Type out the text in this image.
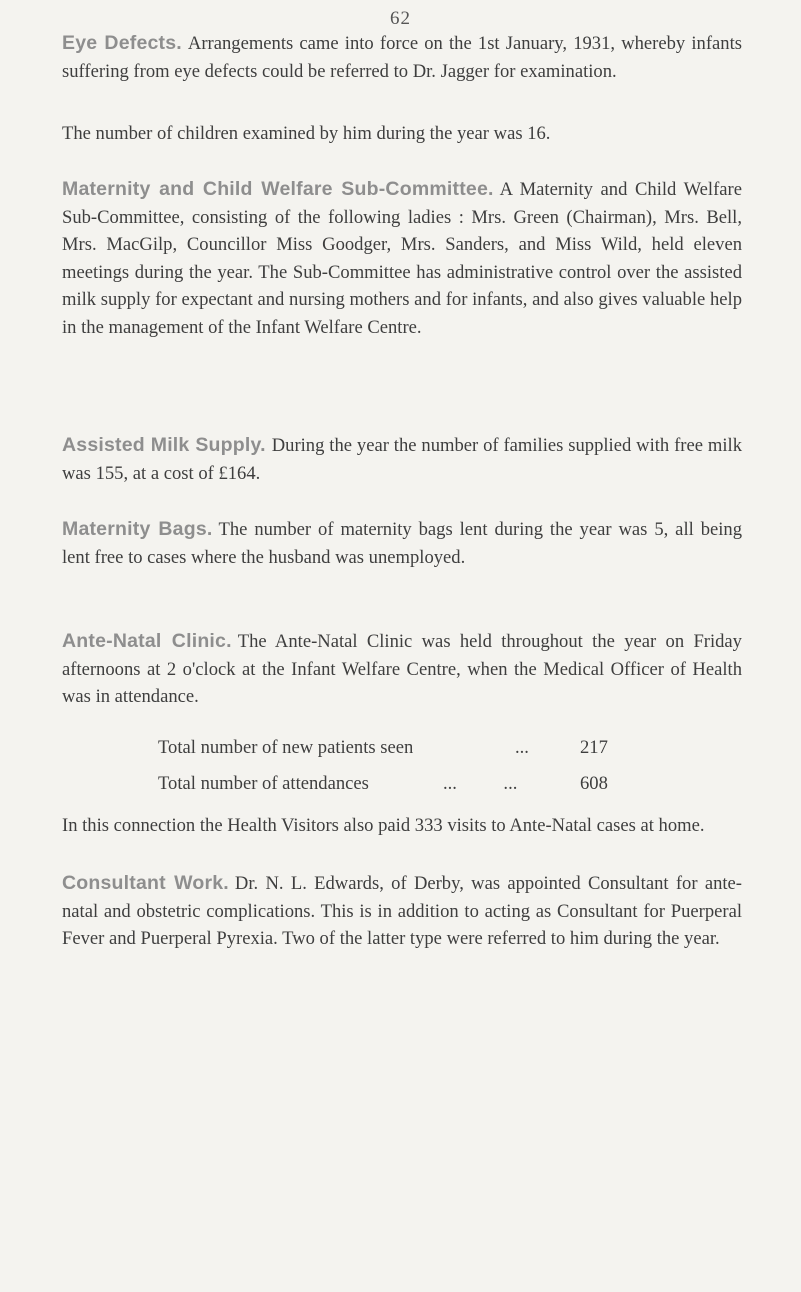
62
Eye Defects. Arrangements came into force on the 1st January, 1931, whereby infants suffering from eye defects could be referred to Dr. Jagger for examination.
The number of children examined by him during the year was 16.
Maternity and Child Welfare Sub-Committee. A Maternity and Child Welfare Sub-Committee, consisting of the following ladies : Mrs. Green (Chairman), Mrs. Bell, Mrs. MacGilp, Councillor Miss Goodger, Mrs. Sanders, and Miss Wild, held eleven meetings during the year. The Sub-Committee has administrative control over the assisted milk supply for expectant and nursing mothers and for infants, and also gives valuable help in the management of the Infant Welfare Centre.
Assisted Milk Supply. During the year the number of families supplied with free milk was 155, at a cost of £164.
Maternity Bags. The number of maternity bags lent during the year was 5, all being lent free to cases where the husband was unemployed.
Ante-Natal Clinic. The Ante-Natal Clinic was held throughout the year on Friday afternoons at 2 o'clock at the Infant Welfare Centre, when the Medical Officer of Health was in attendance.
Total number of new patients seen	...	217
Total number of attendances	...          ...	608
In this connection the Health Visitors also paid 333 visits to Ante-Natal cases at home.
Consultant Work. Dr. N. L. Edwards, of Derby, was appointed Consultant for ante-natal and obstetric complications. This is in addition to acting as Consultant for Puerperal Fever and Puerperal Pyrexia. Two of the latter type were referred to him during the year.
